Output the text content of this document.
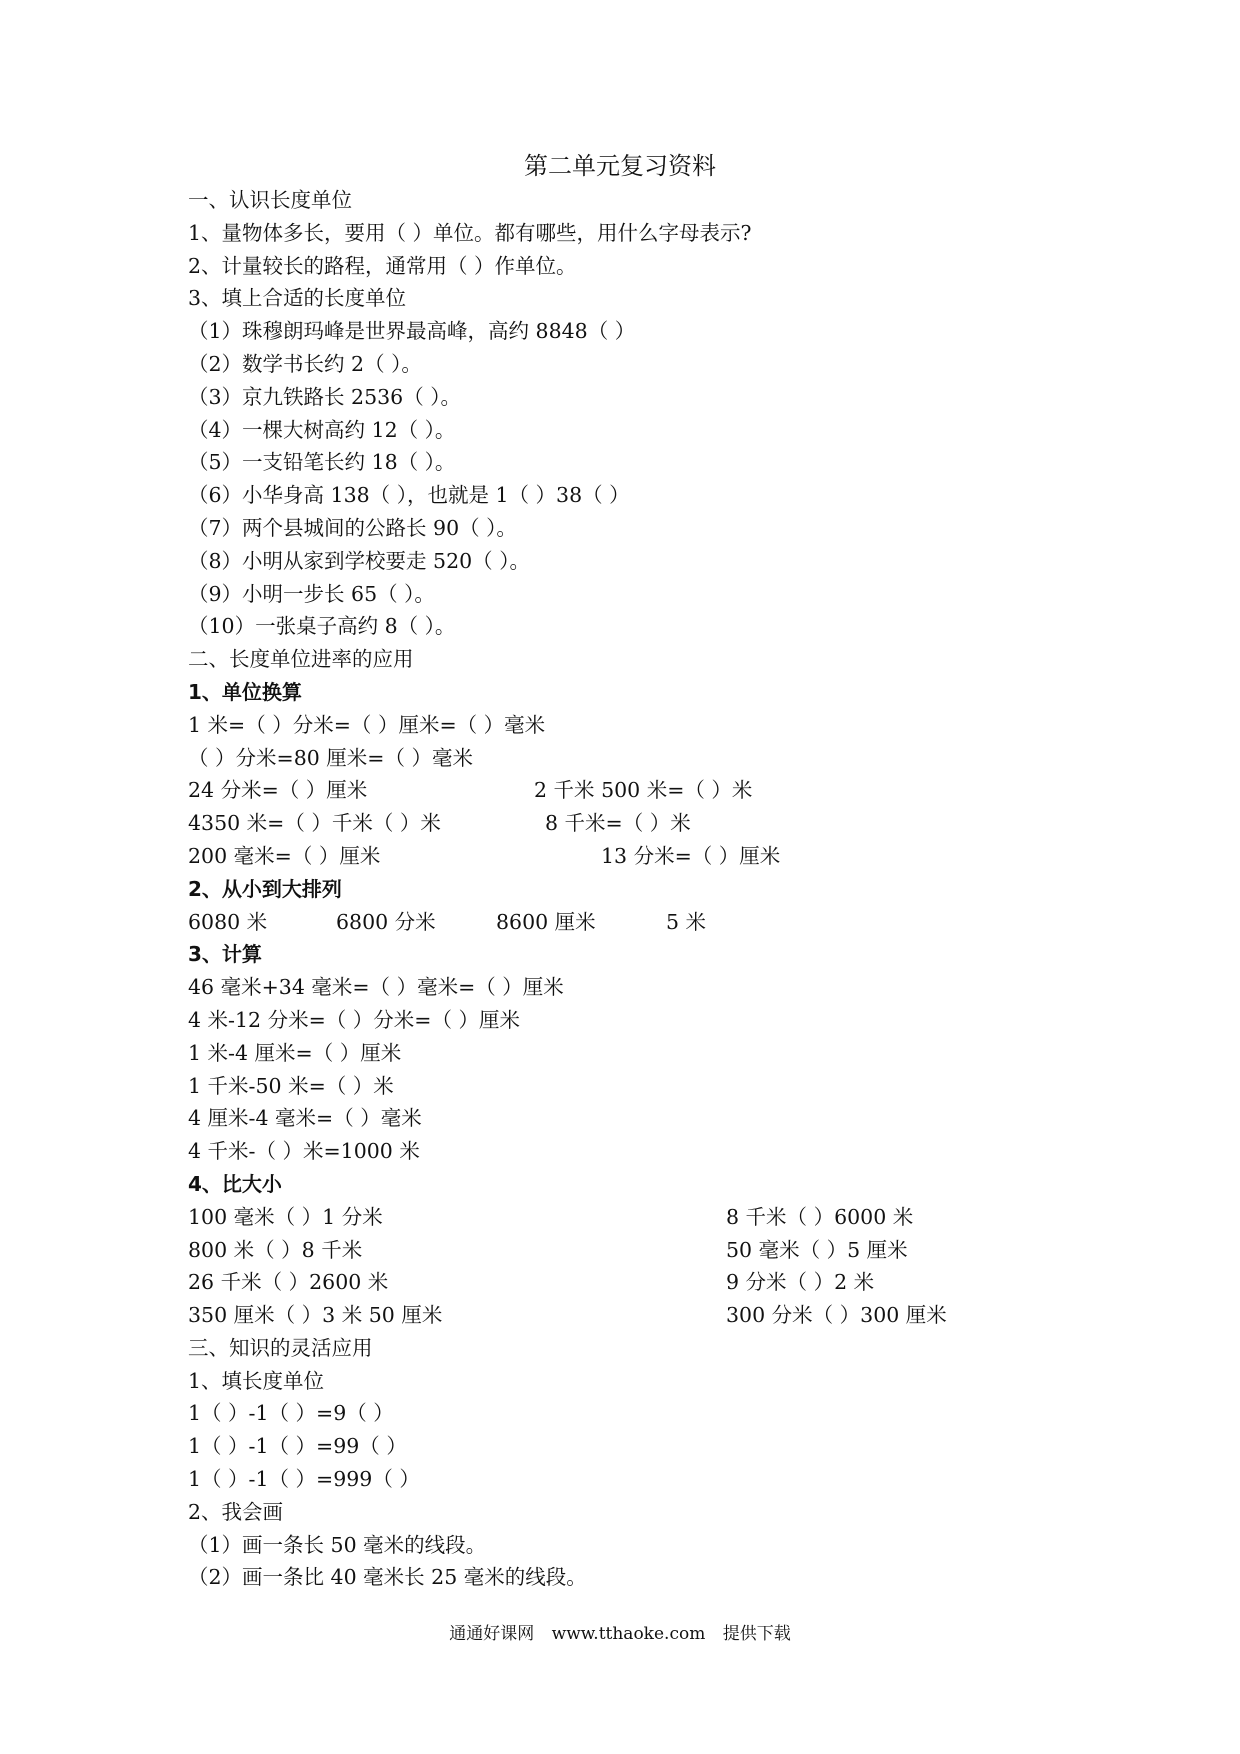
第二单元复习资料
一、认识长度单位
1、量物体多长，要用（ ）单位。都有哪些，用什么字母表示?
2、计量较长的路程，通常用（ ）作单位。
3、填上合适的长度单位
（1）珠穆朗玛峰是世界最高峰，高约 8848（ ）
（2）数学书长约 2（ ）。
（3）京九铁路长 2536（ ）。
（4）一棵大树高约 12（ ）。
（5）一支铅笔长约 18（ ）。
（6）小华身高 138（ ），也就是 1（ ）38（ ）
（7）两个县城间的公路长 90（ ）。
（8）小明从家到学校要走 520（ ）。
（9）小明一步长 65（ ）。
（10）一张桌子高约 8（ ）。
二、长度单位进率的应用
1、单位换算
1 米=（ ）分米=（ ）厘米=（ ）毫米
（ ）分米=80 厘米=（ ）毫米
24 分米=（ ）厘米	2 千米 500 米=（ ）米
4350 米=（ ）千米（ ）米	8 千米=（ ）米
200 毫米=（ ）厘米	13 分米=（ ）厘米
2、从小到大排列
6080 米	6800 分米	8600 厘米	5 米
3、计算
46 毫米+34 毫米=（ ）毫米=（ ）厘米
4 米-12 分米=（ ）分米=（ ）厘米
1 米-4 厘米=（ ）厘米
1 千米-50 米=（ ）米
4 厘米-4 毫米=（ ）毫米
4 千米-（ ）米=1000 米
4、比大小
100 毫米（ ）1 分米	8 千米（ ）6000 米
800 米（ ）8 千米	50 毫米（ ）5 厘米
26 千米（ ）2600 米	9 分米（ ）2 米
350 厘米（ ）3 米 50 厘米	300 分米（ ）300 厘米
三、知识的灵活应用
1、填长度单位
1（ ）-1（ ）=9（ ）
1（ ）-1（ ）=99（ ）
1（ ）-1（ ）=999（ ）
2、我会画
（1）画一条长 50 毫米的线段。
（2）画一条比 40 毫米长 25 毫米的线段。
通通好课网 www.tthaoke.com 提供下载
